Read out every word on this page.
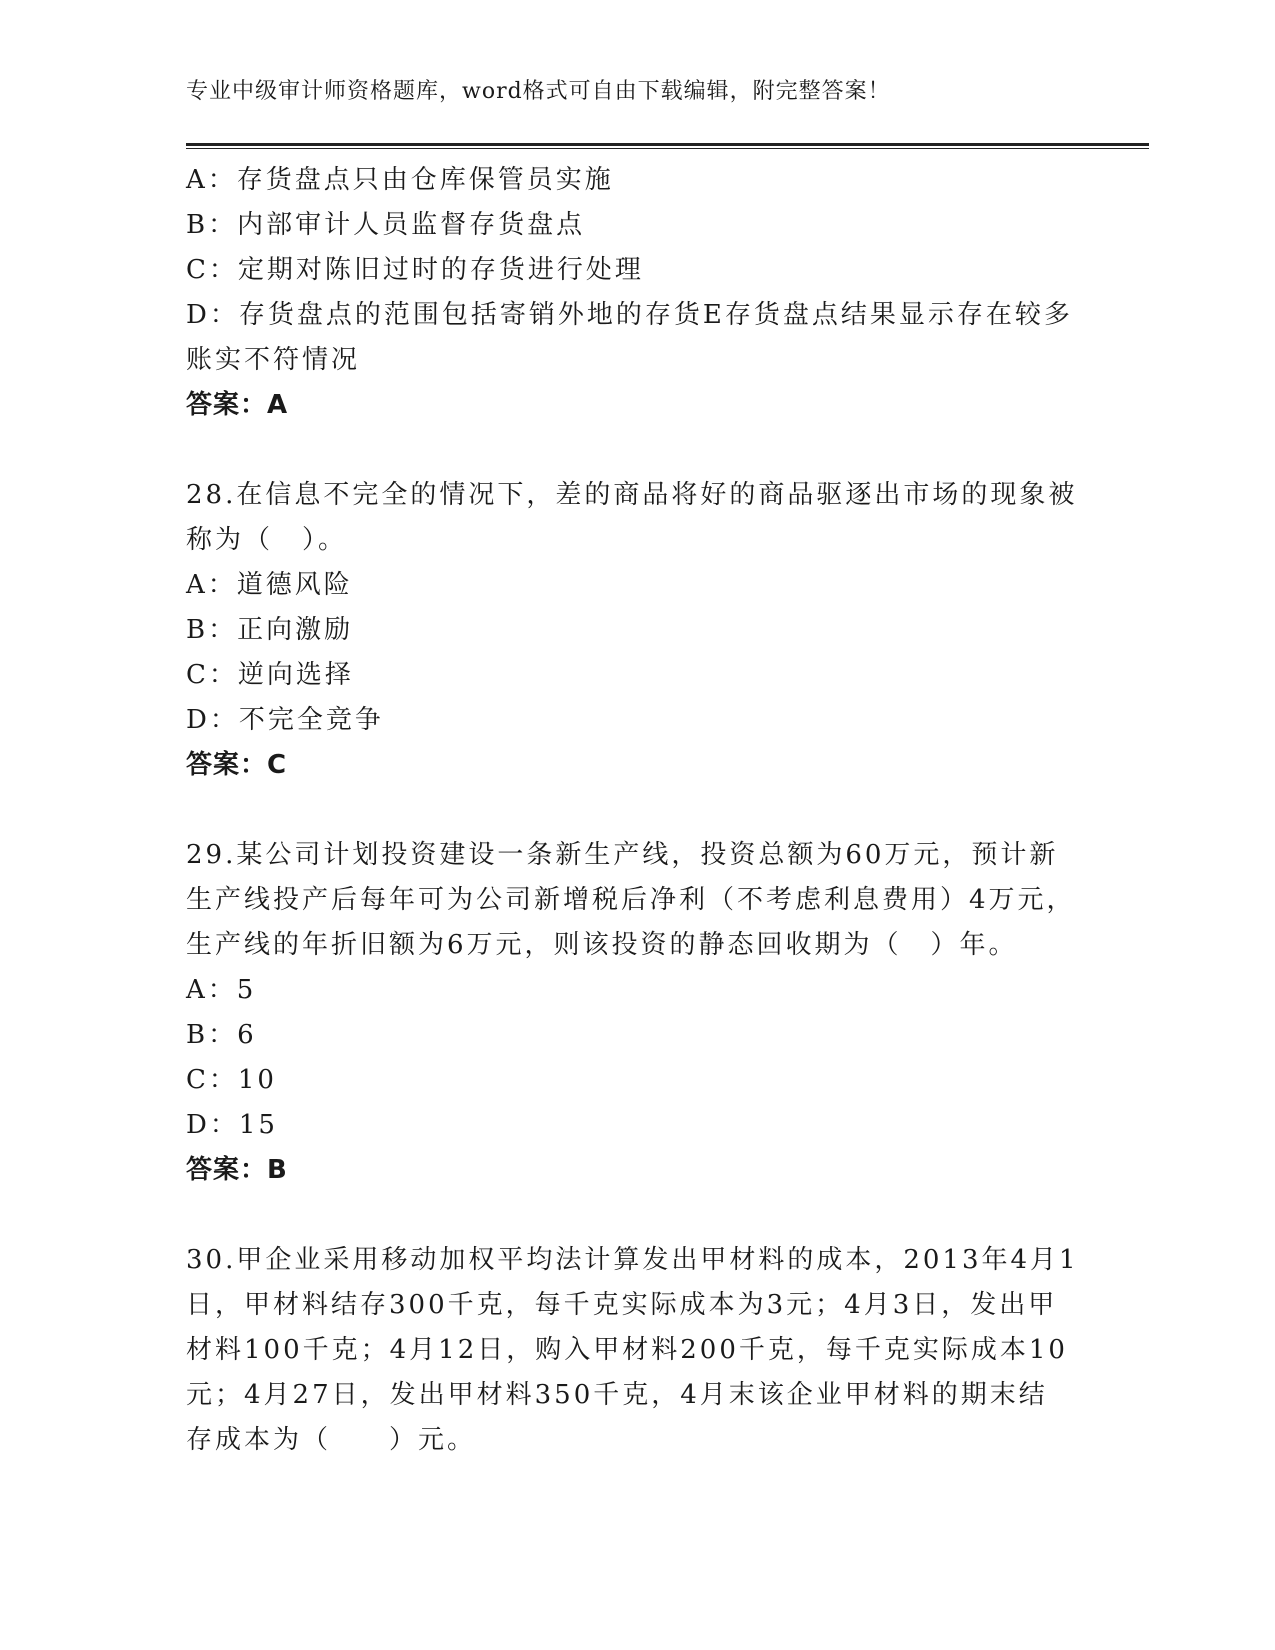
专业中级审计师资格题库，word格式可自由下载编辑，附完整答案！
A：存货盘点只由仓库保管员实施
B：内部审计人员监督存货盘点
C：定期对陈旧过时的存货进行处理
D：存货盘点的范围包括寄销外地的存货E存货盘点结果显示存在较多
账实不符情况
答案：A
28.在信息不完全的情况下，差的商品将好的商品驱逐出市场的现象被
称为（　）。
A：道德风险
B：正向激励
C：逆向选择
D：不完全竞争
答案：C
29.某公司计划投资建设一条新生产线，投资总额为60万元，预计新
生产线投产后每年可为公司新增税后净利（不考虑利息费用）4万元，
生产线的年折旧额为6万元，则该投资的静态回收期为（　）年。
A：5
B：6
C：10
D：15
答案：B
30.甲企业采用移动加权平均法计算发出甲材料的成本，2013年4月1
日，甲材料结存300千克，每千克实际成本为3元；4月3日，发出甲
材料100千克；4月12日，购入甲材料200千克，每千克实际成本10
元；4月27日，发出甲材料350千克，4月末该企业甲材料的期末结
存成本为（　　）元。
